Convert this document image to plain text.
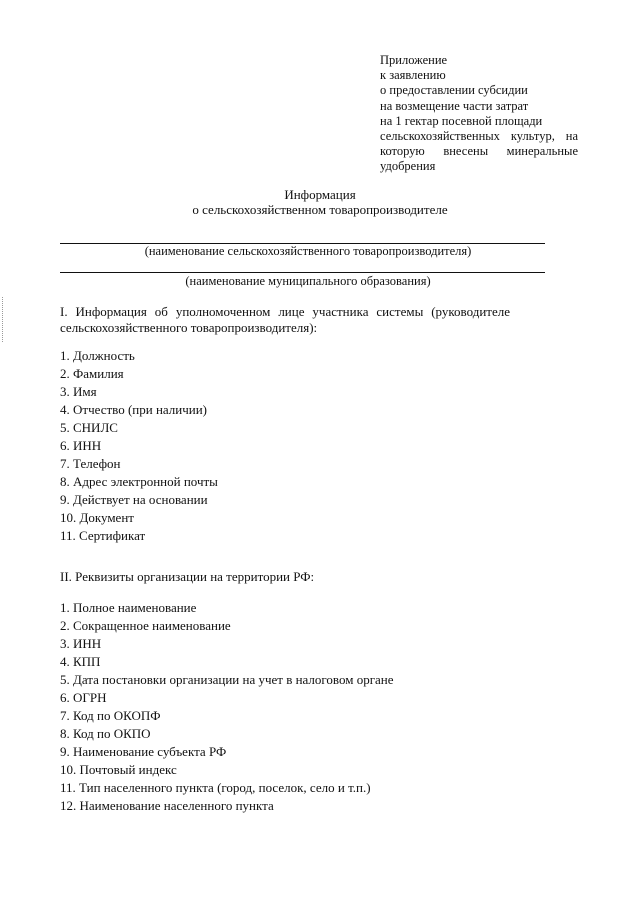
Приложение
к заявлению
о предоставлении субсидии
на возмещение части затрат
на 1 гектар посевной площади
сельскохозяйственных культур, на
которую внесены минеральные
удобрения
Информация
о сельскохозяйственном товаропроизводителе
(наименование сельскохозяйственного товаропроизводителя)
(наименование муниципального образования)
I. Информация об уполномоченном лице участника системы (руководителе
сельскохозяйственного товаропроизводителя):
1. Должность
2. Фамилия
3. Имя
4. Отчество (при наличии)
5. СНИЛС
6. ИНН
7. Телефон
8. Адрес электронной почты
9. Действует на основании
10. Документ
11. Сертификат
II. Реквизиты организации на территории РФ:
1. Полное наименование
2. Сокращенное наименование
3. ИНН
4. КПП
5. Дата постановки организации на учет в налоговом органе
6. ОГРН
7. Код по ОКОПФ
8. Код по ОКПО
9. Наименование субъекта РФ
10. Почтовый индекс
11. Тип населенного пункта (город, поселок, село и т.п.)
12. Наименование населенного пункта
